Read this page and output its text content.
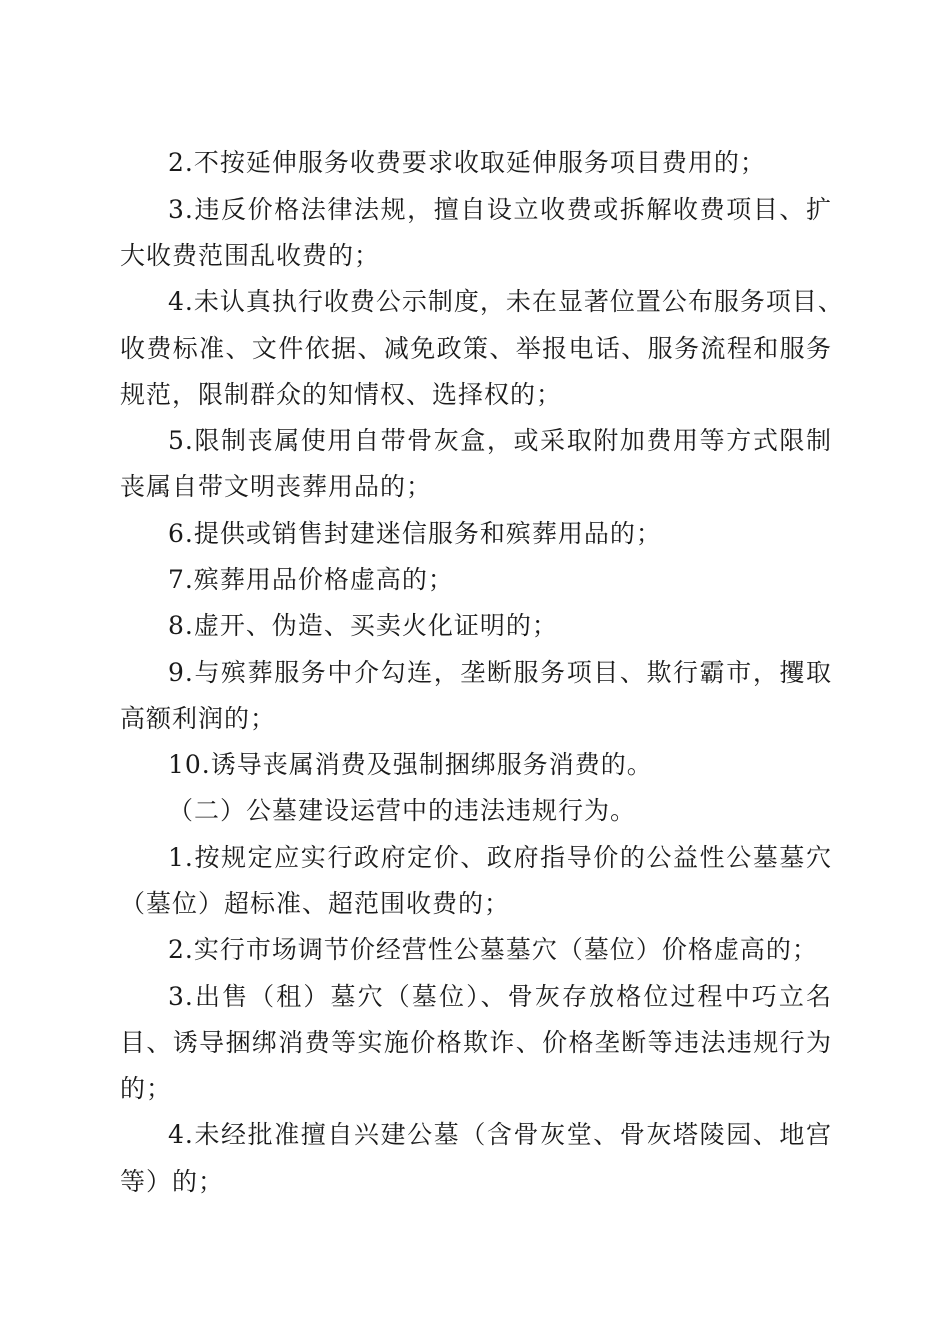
2.不按延伸服务收费要求收取延伸服务项目费用的；
3.违反价格法律法规，擅自设立收费或拆解收费项目、扩
大收费范围乱收费的；
4.未认真执行收费公示制度，未在显著位置公布服务项目、
收费标准、文件依据、减免政策、举报电话、服务流程和服务
规范，限制群众的知情权、选择权的；
5.限制丧属使用自带骨灰盒，或采取附加费用等方式限制
丧属自带文明丧葬用品的；
6.提供或销售封建迷信服务和殡葬用品的；
7.殡葬用品价格虚高的；
8.虚开、伪造、买卖火化证明的；
9.与殡葬服务中介勾连，垄断服务项目、欺行霸市，攫取
高额利润的；
10.诱导丧属消费及强制捆绑服务消费的。
（二）公墓建设运营中的违法违规行为。
1.按规定应实行政府定价、政府指导价的公益性公墓墓穴
（墓位）超标准、超范围收费的；
2.实行市场调节价经营性公墓墓穴（墓位）价格虚高的；
3.出售（租）墓穴（墓位）、骨灰存放格位过程中巧立名
目、诱导捆绑消费等实施价格欺诈、价格垄断等违法违规行为
的；
4.未经批准擅自兴建公墓（含骨灰堂、骨灰塔陵园、地宫
等）的；
